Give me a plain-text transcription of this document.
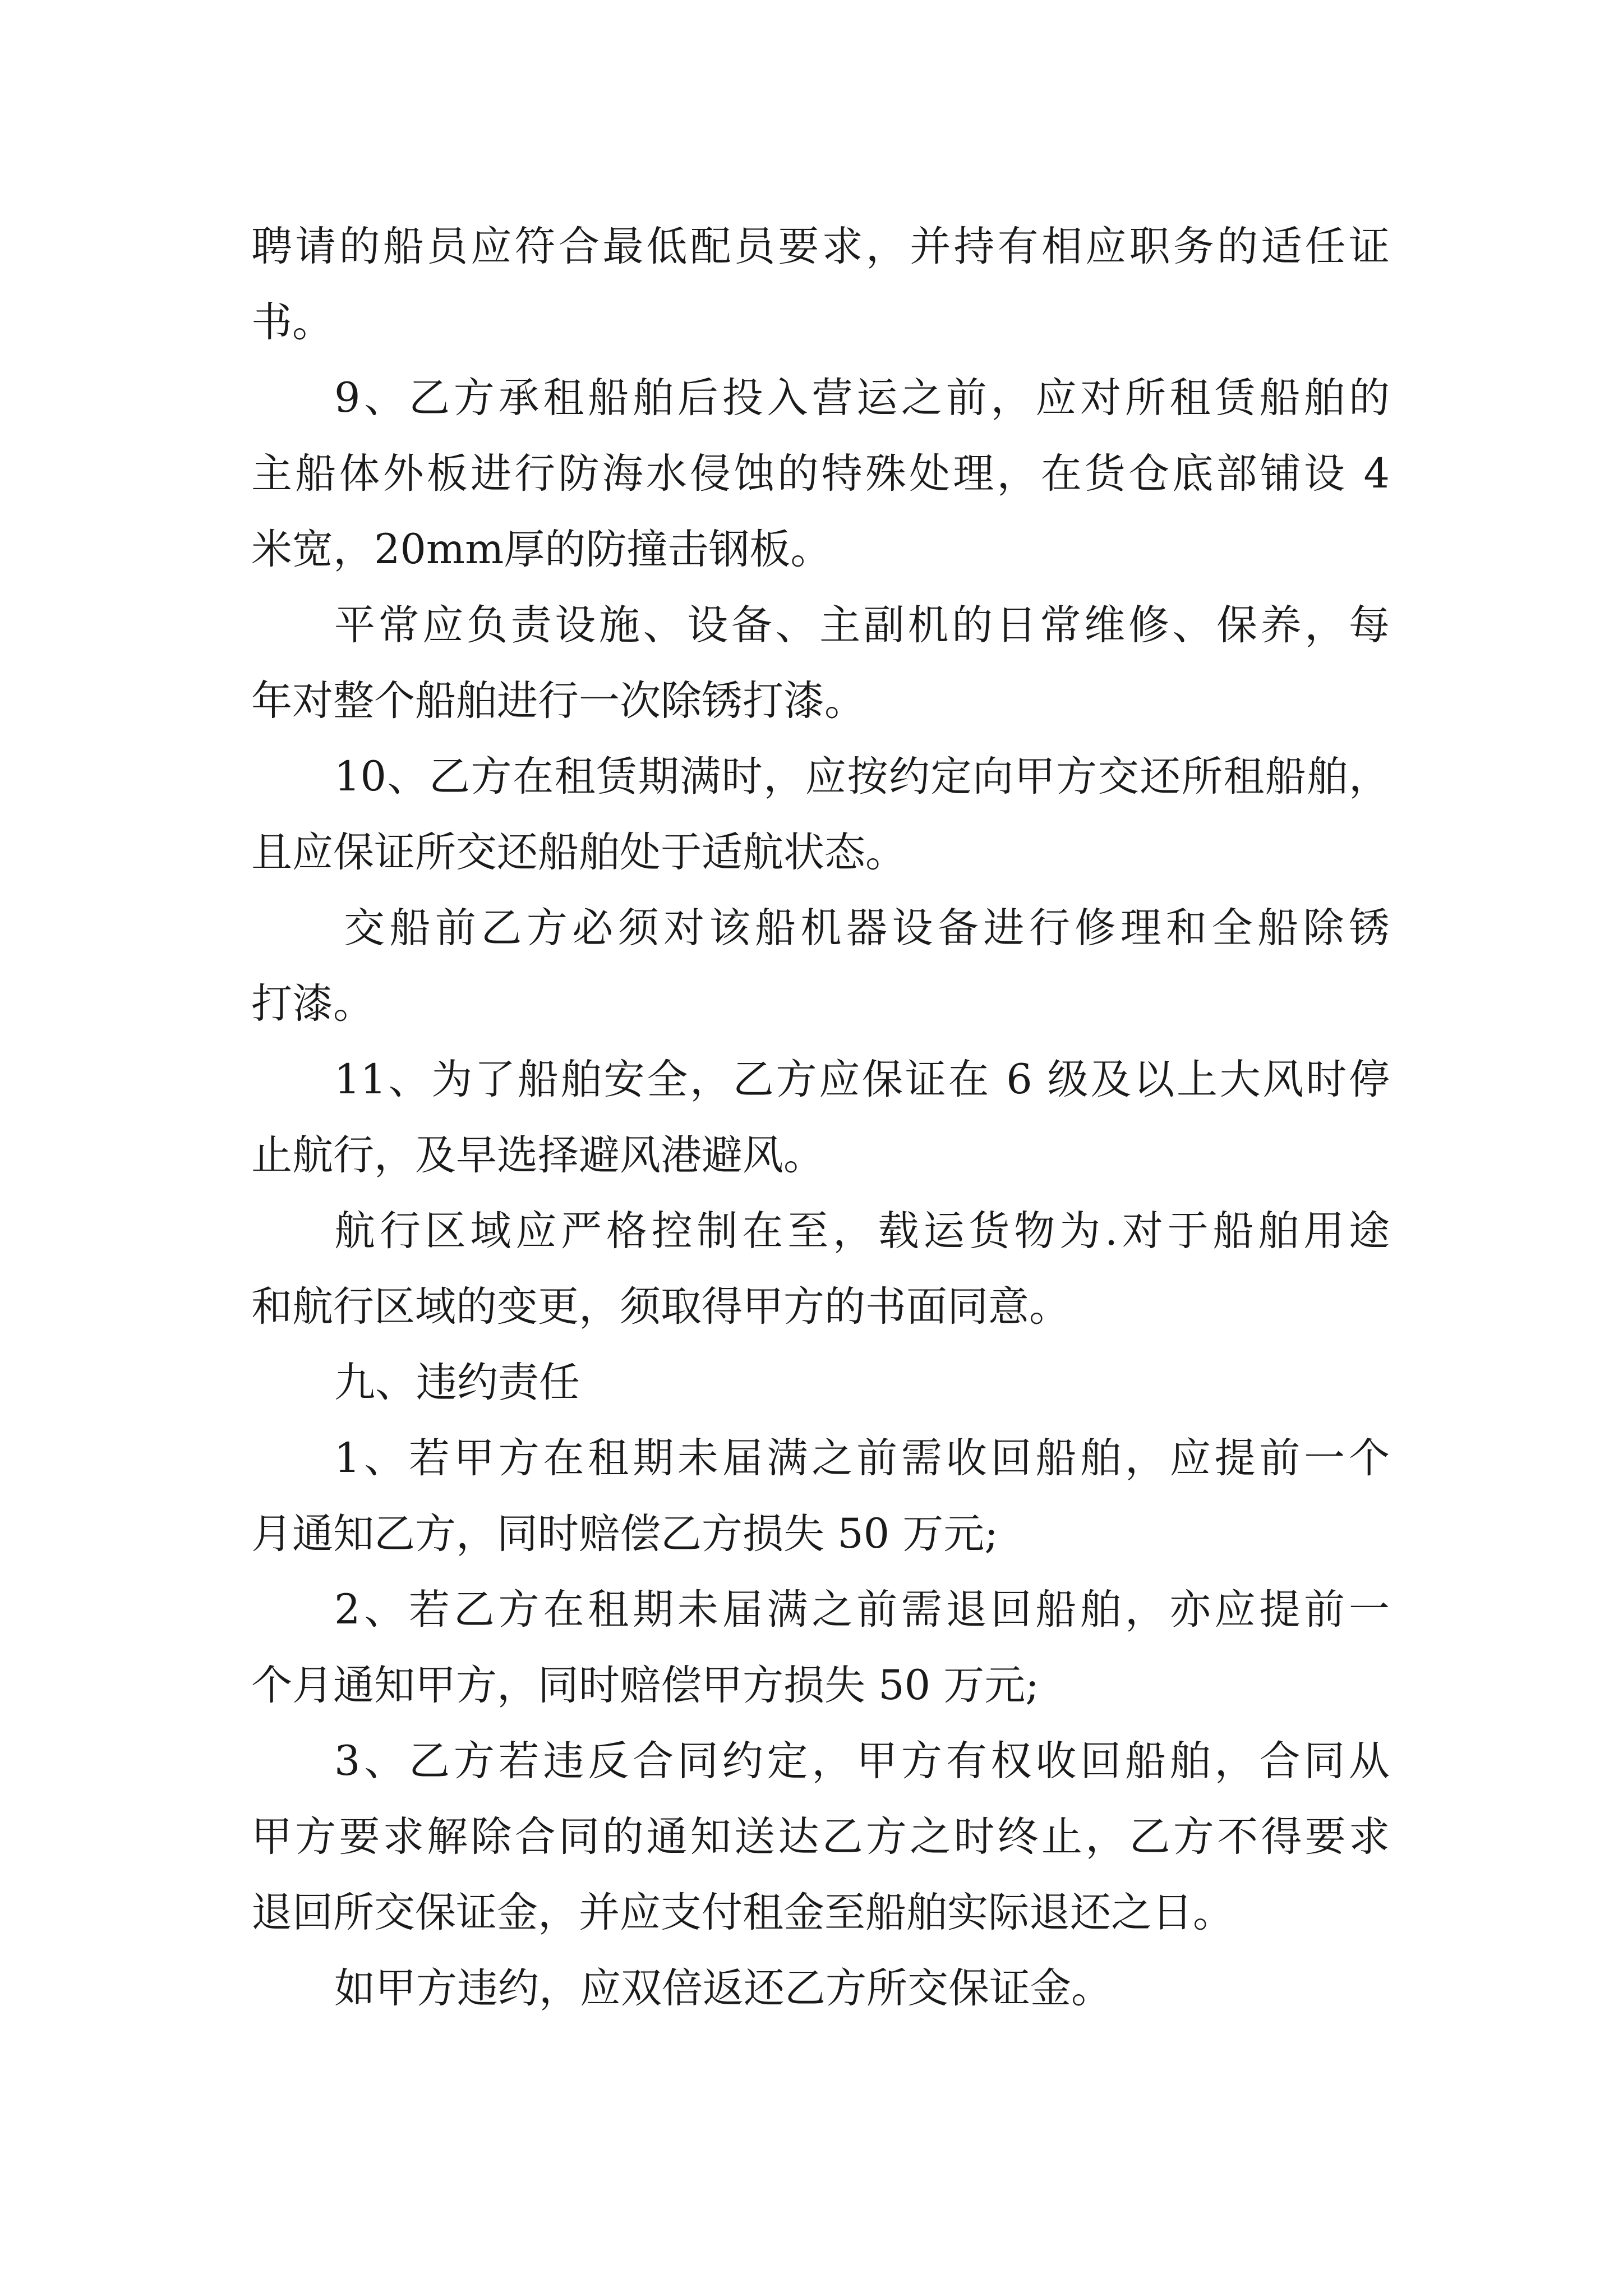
聘请的船员应符合最低配员要求，并持有相应职务的适任证
书。
9、乙方承租船舶后投入营运之前，应对所租赁船舶的
主船体外板进行防海水侵蚀的特殊处理，在货仓底部铺设 4
米宽，20mm厚的防撞击钢板。
平常应负责设施、设备、主副机的日常维修、保养，每
年对整个船舶进行一次除锈打漆。
10、乙方在租赁期满时，应按约定向甲方交还所租船舶，
且应保证所交还船舶处于适航状态。
交船前乙方必须对该船机器设备进行修理和全船除锈
打漆。
11、为了船舶安全，乙方应保证在 6 级及以上大风时停
止航行，及早选择避风港避风。
航行区域应严格控制在至，载运货物为.对于船舶用途
和航行区域的变更，须取得甲方的书面同意。
九、违约责任
1、若甲方在租期未届满之前需收回船舶，应提前一个
月通知乙方，同时赔偿乙方损失 50 万元;
2、若乙方在租期未届满之前需退回船舶，亦应提前一
个月通知甲方，同时赔偿甲方损失 50 万元;
3、乙方若违反合同约定，甲方有权收回船舶，合同从
甲方要求解除合同的通知送达乙方之时终止，乙方不得要求
退回所交保证金，并应支付租金至船舶实际退还之日。
如甲方违约，应双倍返还乙方所交保证金。
